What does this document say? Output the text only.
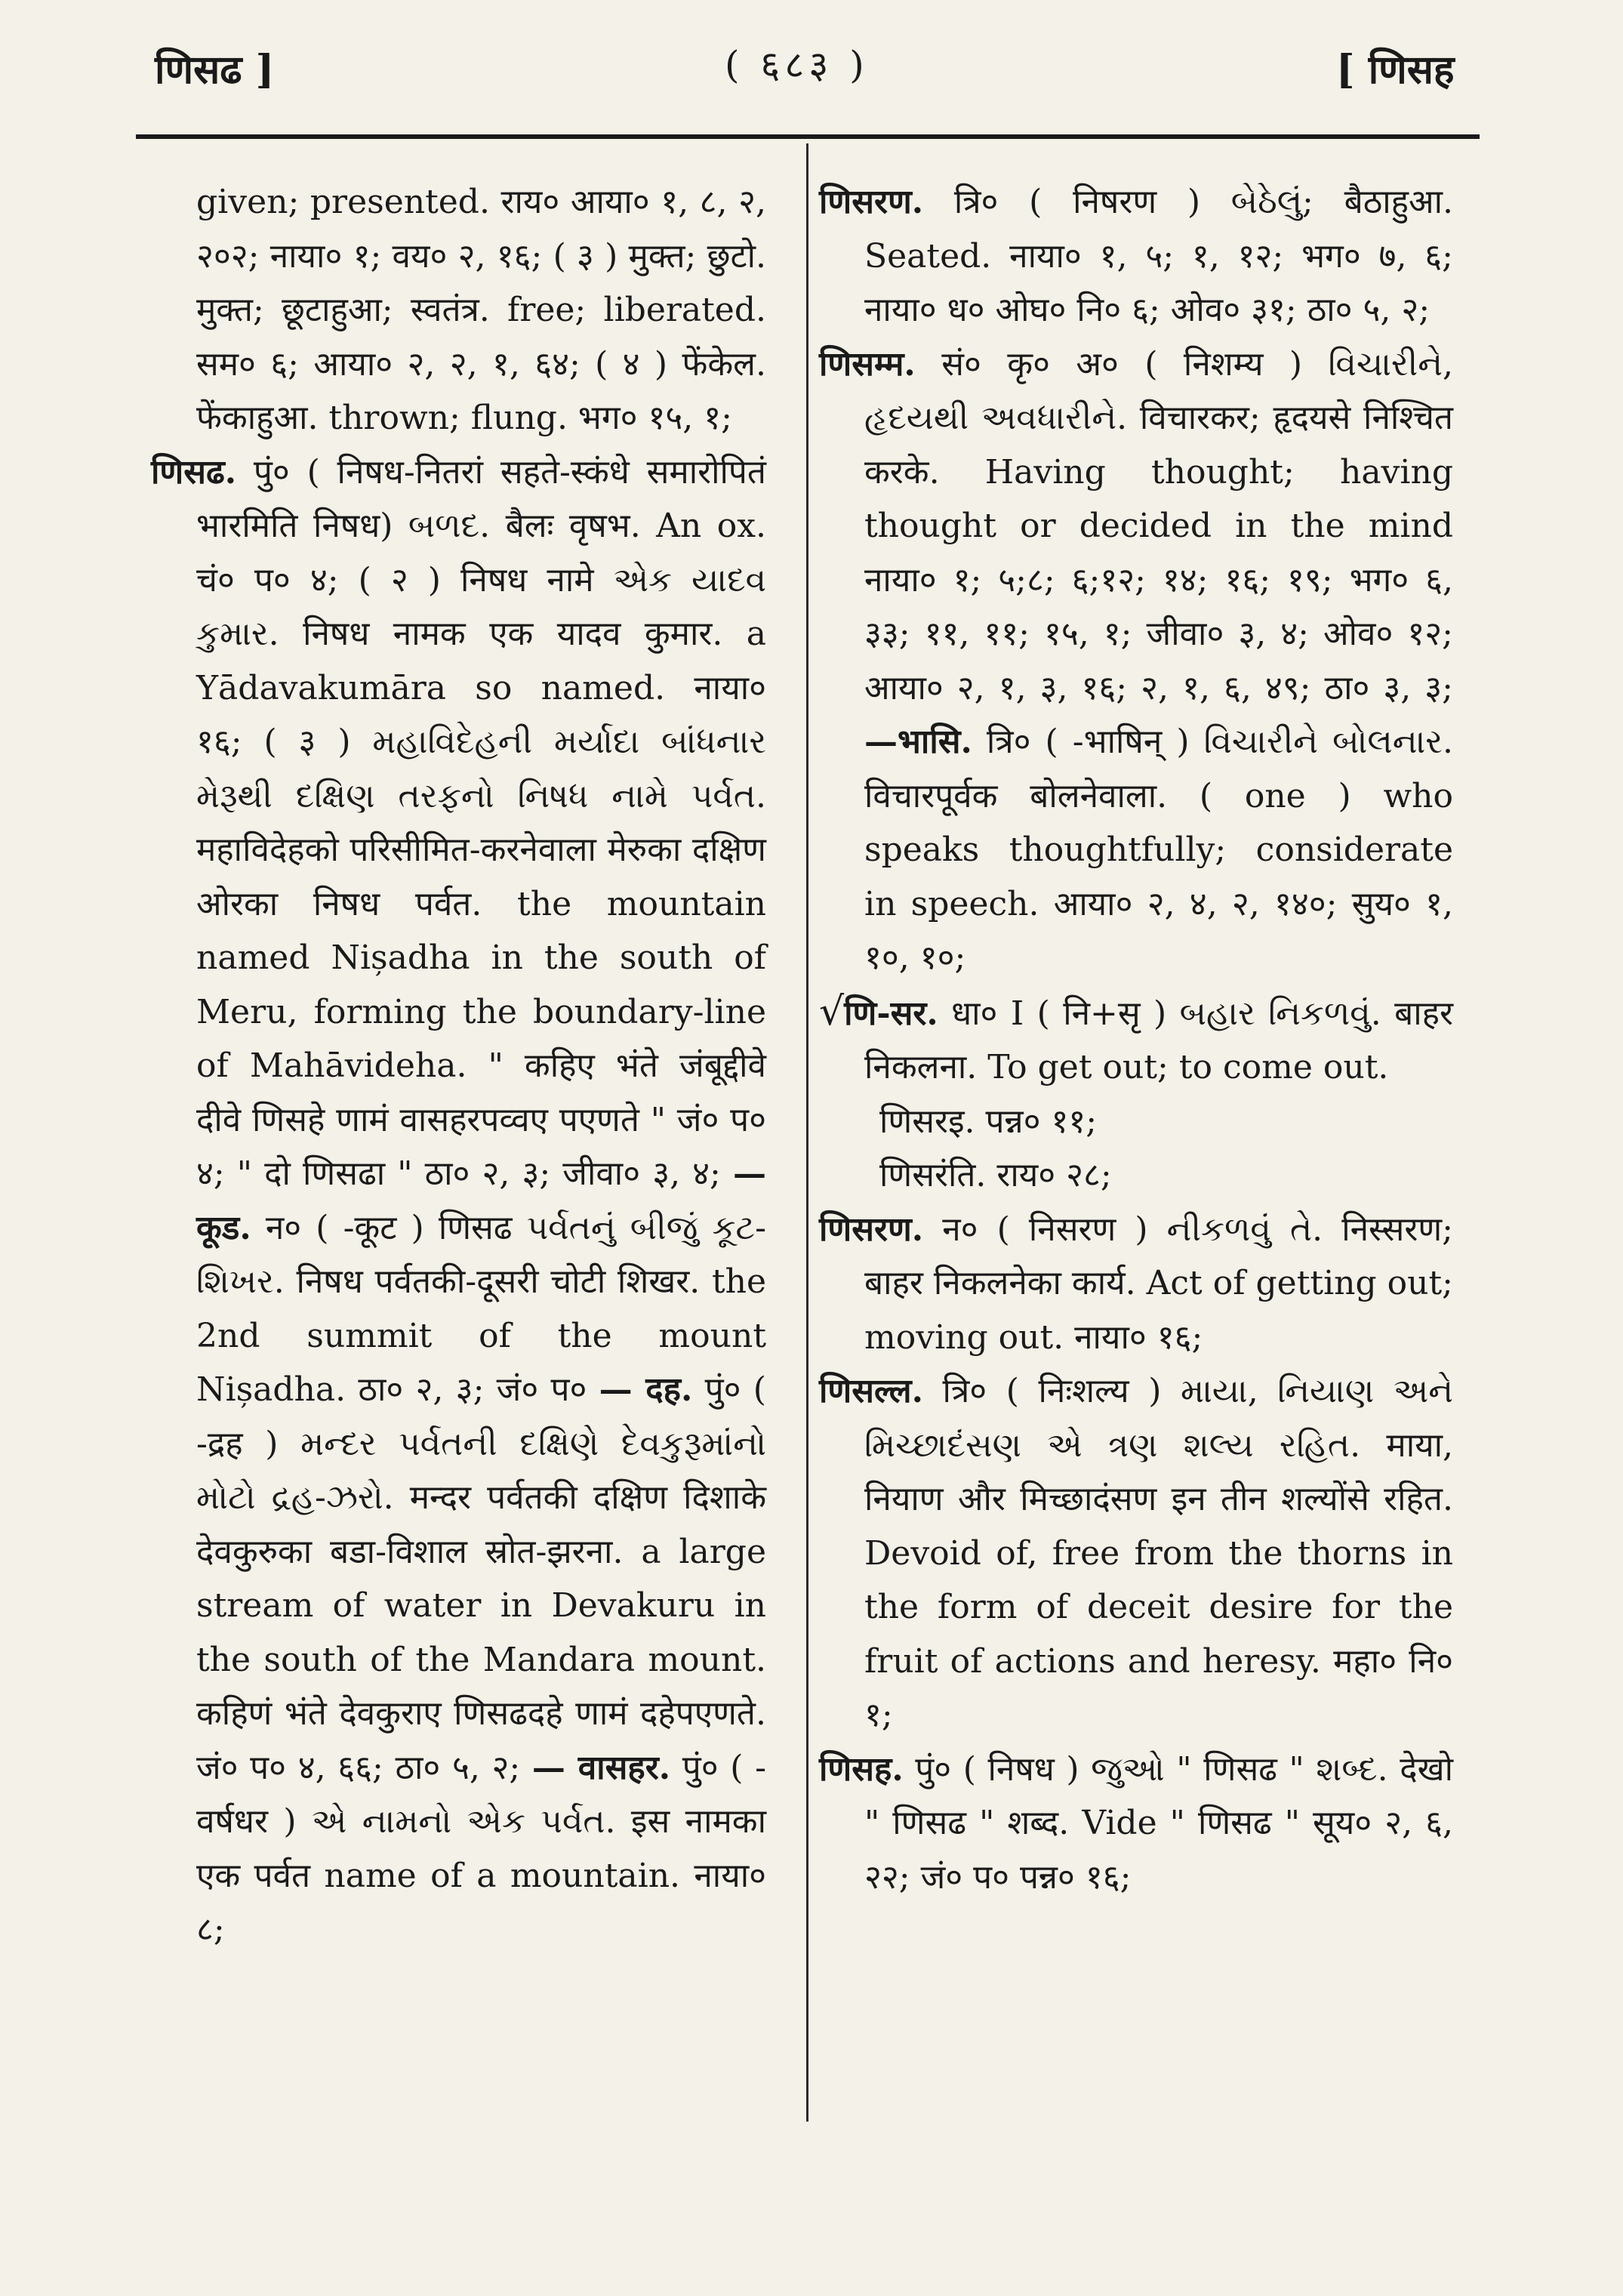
णिसढ ]	( ६८३ )	[ णिसह

given; presented. राय० आया० १, ८, २, २०२; नाया० १; वय० २, १६; ( ३ ) मुक्त; छुटो. मुक्त; छूटाहुआ; स्वतंत्र. free; liberated. सम० ६; आया० २, २, १, ६४; ( ४ ) फेंकेल. फेंकाहुआ. thrown; flung. भग० १५, १;

णिसढ. पुं० ( निषध-नितरां सहते-स्कंधे समारोपितं भारमिति निषध) બળદ. बैलः वृषभ. An ox. चं० प० ४; ( २ ) निषध नामे એક યાદવ કુમાર. निषध नामक एक यादव कुमार. a Yādavakumāra so named. नाया० १६; ( ३ ) મહાવિદેહની મર્યાદા બાંધનાર મેરૂથી દક્ષિણ તરફનો નિષધ નામે પર્વત. महाविदेहको परिसीमित-करनेवाला मेरुका दक्षिण ओरका निषध पर्वत. the mountain named Nișadha in the south of Meru, forming the boundary-line of Mahāvideha. " कहिए भंते जंबूद्दीवे दीवे णिसहे णामं वासहरपव्वए पएणते " जं० प० ४; " दो णिसढा " ठा० २, ३; जीवा० ३, ४; — कूड. न० ( -कूट ) णिसढ પર્વતનું બીજું કૂટ-શિખર. निषध पर्वतकी-दूसरी चोटी शिखर. the 2nd summit of the mount Nișadha. ठा० २, ३; जं० प० — दह. पुं० ( -द्रह ) મન્દર પર્વતની દક્ષિણે દેવકુરૂમાંનો મોટો દ્રહ-ઝરો. मन्दर पर्वतकी दक्षिण दिशाके देवकुरुका बडा-विशाल स्रोत-झरना. a large stream of water in Devakuru in the south of the Mandara mount. कहिणं भंते देवकुराए णिसढदहे णामं दहेपएणते. जं० प० ४, ६६; ठा० ५, २; — वासहर. पुं० ( -वर्षधर ) એ નામનો એક પર્વત. इस नामका एक पर्वत name of a mountain. नाया० ८;

णिसरण. त्रि० ( निषरण ) બેઠેલું; बैठाहुआ. Seated. नाया० १, ५; १, १२; भग० ७, ६; नाया० ध० ओघ० नि० ६; ओव० ३१; ठा० ५, २;

णिसम्म. सं० कृ० अ० ( निशम्य ) વિચારીને, હૃદયથી અવધારીને. विचारकर; हृदयसे निश्चित करके. Having thought; having thought or decided in the mind नाया० १; ५;८; ६;१२; १४; १६; १९; भग० ६, ३३; ११, ११; १५, १; जीवा० ३, ४; ओव० १२; आया० २, १, ३, १६; २, १, ६, ४९; ठा० ३, ३; —भासि. त्रि० ( -भाषिन् ) વિચારીને બોલનાર. विचारपूर्वक बोलनेवाला. ( one ) who speaks thoughtfully; considerate in speech. आया० २, ४, २, १४०; सुय० १, १०, १०;

√णि-सर. धा० I ( नि+सृ ) બહાર નિકળવું. बाहर निकलना. To get out; to come out.

णिसरइ. पन्न० ११;

णिसरंति. राय० २८;

णिसरण. न० ( निसरण ) નીકળવું તે. निस्सरण; बाहर निकलनेका कार्य. Act of getting out; moving out. नाया० १६;

णिसल्ल. त्रि० ( निःशल्य ) માયા, નિયાણ અને મિચ્છાદંસણ એ ત્રણ શલ્ય રહિત. माया, नियाण और मिच्छादंसण इन तीन शल्योंसे रहित. Devoid of, free from the thorns in the form of deceit desire for the fruit of actions and heresy. महा० नि० १;

णिसह. पुं० ( निषध ) જુઓ " णिसढ " શબ્દ. देखो " णिसढ " शब्द. Vide " णिसढ " सूय० २, ६, २२; जं० प० पन्न० १६;
